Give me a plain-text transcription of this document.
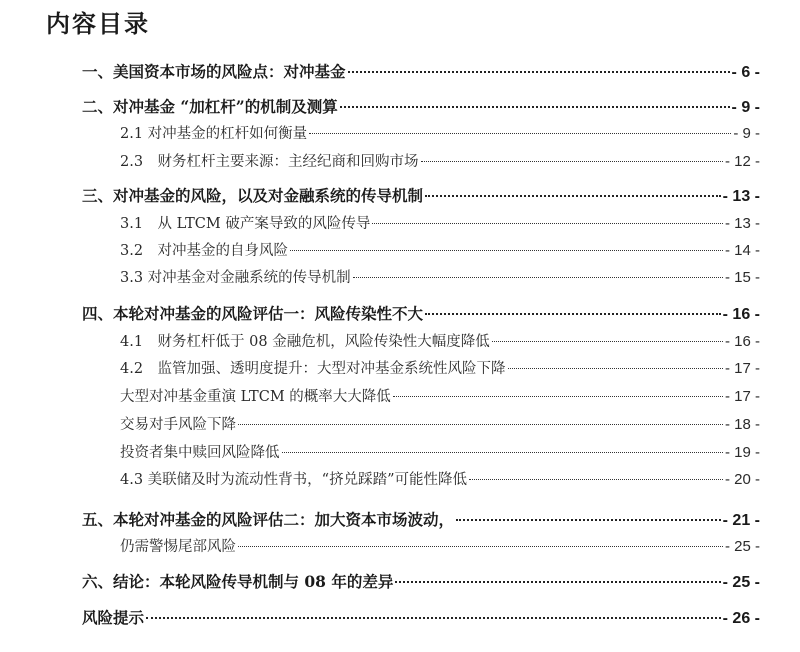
内容目录
一、美国资本市场的风险点：对冲基金	- 6 -
二、对冲基金 “加杠杆”的机制及测算	- 9 -
2.1 对冲基金的杠杆如何衡量	- 9 -
2.3　财务杠杆主要来源：主经纪商和回购市场	- 12 -
三、对冲基金的风险，以及对金融系统的传导机制	- 13 -
3.1　从 LTCM 破产案导致的风险传导	- 13 -
3.2　对冲基金的自身风险	- 14 -
3.3 对冲基金对金融系统的传导机制	- 15 -
四、本轮对冲基金的风险评估一：风险传染性不大	- 16 -
4.1　财务杠杆低于 08 金融危机，风险传染性大幅度降低	- 16 -
4.2　监管加强、透明度提升：大型对冲基金系统性风险下降	- 17 -
大型对冲基金重演 LTCM 的概率大大降低	- 17 -
交易对手风险下降	- 18 -
投资者集中赎回风险降低	- 19 -
4.3 美联储及时为流动性背书，“挤兑踩踏”可能性降低	- 20 -
五、本轮对冲基金的风险评估二：加大资本市场波动，	- 21 -
仍需警惕尾部风险	- 25 -
六、结论：本轮风险传导机制与 08 年的差异	- 25 -
风险提示	- 26 -
